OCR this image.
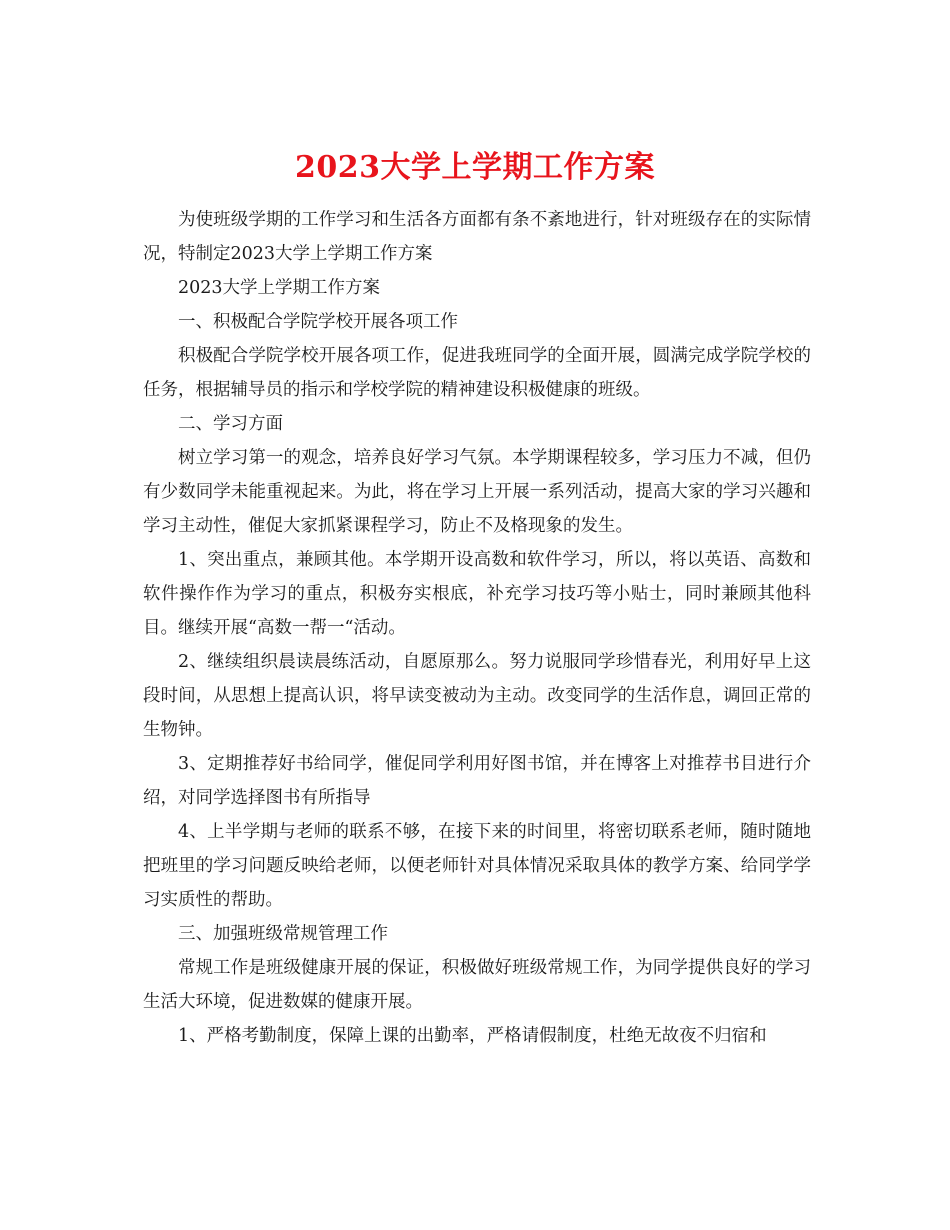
2023大学上学期工作方案

为使班级学期的工作学习和生活各方面都有条不紊地进行，针对班级存在的实际情况，特制定2023大学上学期工作方案

2023大学上学期工作方案

一、积极配合学院学校开展各项工作

积极配合学院学校开展各项工作，促进我班同学的全面开展，圆满完成学院学校的任务，根据辅导员的指示和学校学院的精神建设积极健康的班级。

二、学习方面

树立学习第一的观念，培养良好学习气氛。本学期课程较多，学习压力不减，但仍有少数同学未能重视起来。为此，将在学习上开展一系列活动，提高大家的学习兴趣和学习主动性，催促大家抓紧课程学习，防止不及格现象的发生。

1、突出重点，兼顾其他。本学期开设高数和软件学习，所以，将以英语、高数和软件操作作为学习的重点，积极夯实根底，补充学习技巧等小贴士，同时兼顾其他科目。继续开展“高数一帮一“活动。

2、继续组织晨读晨练活动，自愿原那么。努力说服同学珍惜春光，利用好早上这段时间，从思想上提高认识，将早读变被动为主动。改变同学的生活作息，调回正常的生物钟。

3、定期推荐好书给同学，催促同学利用好图书馆，并在博客上对推荐书目进行介绍，对同学选择图书有所指导

4、上半学期与老师的联系不够，在接下来的时间里，将密切联系老师，随时随地把班里的学习问题反映给老师，以便老师针对具体情况采取具体的教学方案、给同学学习实质性的帮助。

三、加强班级常规管理工作

常规工作是班级健康开展的保证，积极做好班级常规工作，为同学提供良好的学习生活大环境，促进数媒的健康开展。

1、严格考勤制度，保障上课的出勤率，严格请假制度，杜绝无故夜不归宿和
